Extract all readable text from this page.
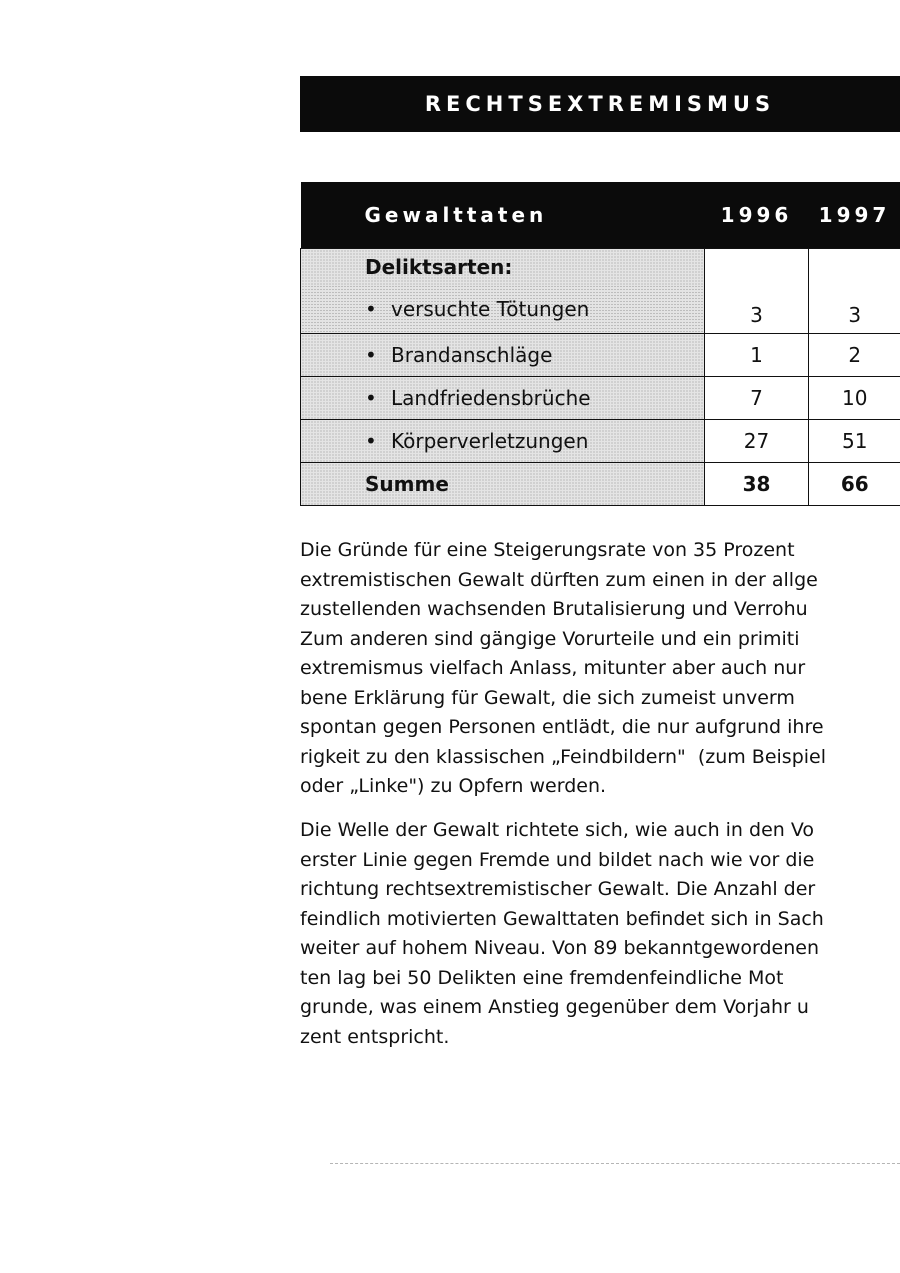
RECHTSEXTREMISMUS
Gewalttaten	1996	1997
Deliktsarten:		
• versuchte Tötungen	3	3
• Brandanschläge	1	2
• Landfriedensbrüche	7	10
• Körperverletzungen	27	51
Summe	38	66

Die Gründe für eine Steigerungsrate von 35 Prozent
extremistischen Gewalt dürften zum einen in der allge
zustellenden wachsenden Brutalisierung und Verrohu
Zum anderen sind gängige Vorurteile und ein primiti
extremismus vielfach Anlass, mitunter aber auch nur
bene Erklärung für Gewalt, die sich zumeist unverm
spontan gegen Personen entlädt, die nur aufgrund ihre
rigkeit zu den klassischen „Feindbildern"  (zum Beispiel
oder „Linke") zu Opfern werden.

Die Welle der Gewalt richtete sich, wie auch in den Vo
erster Linie gegen Fremde und bildet nach wie vor die
richtung rechtsextremistischer Gewalt. Die Anzahl der
feindlich motivierten Gewalttaten befindet sich in Sach
weiter auf hohem Niveau. Von 89 bekanntgewordenen
ten lag bei 50 Delikten eine fremdenfeindliche Mot
grunde, was einem Anstieg gegenüber dem Vorjahr u
zent entspricht.
